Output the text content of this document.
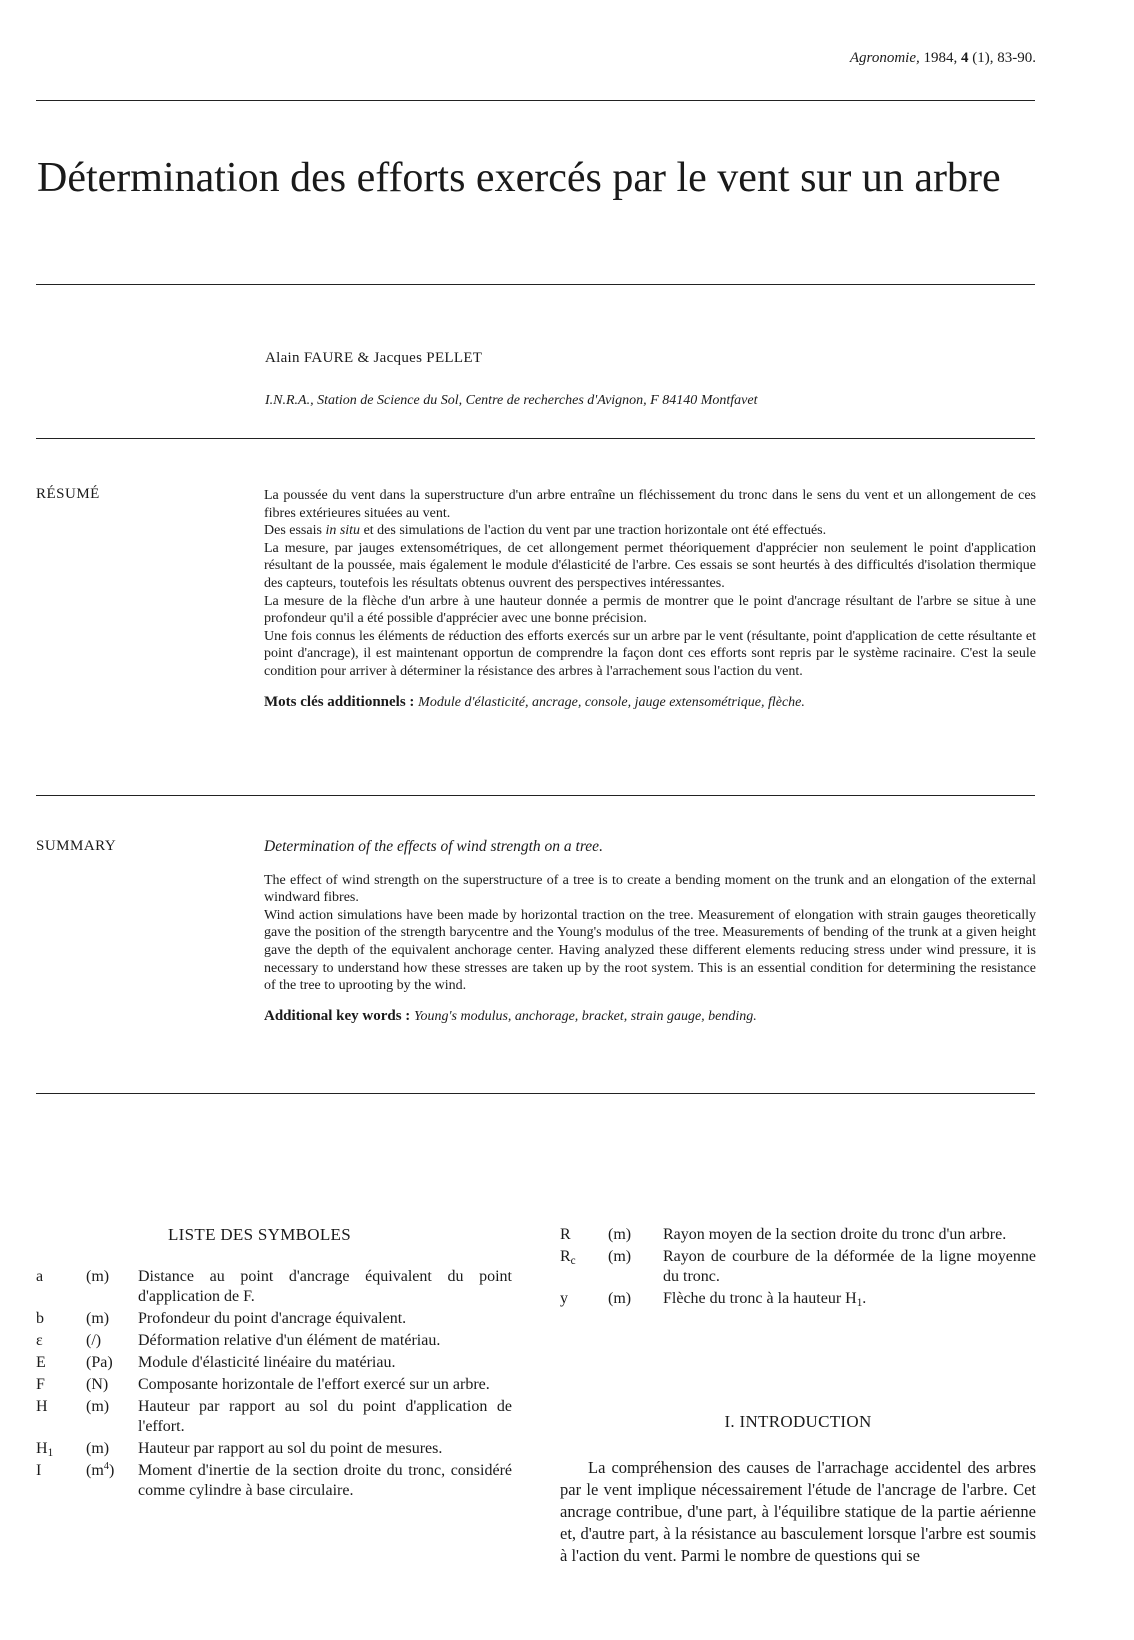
Agronomie, 1984, 4 (1), 83-90.
Détermination des efforts exercés par le vent sur un arbre
Alain FAURE & Jacques PELLET
I.N.R.A., Station de Science du Sol, Centre de recherches d'Avignon, F 84140 Montfavet
RÉSUMÉ	La poussée du vent dans la superstructure d'un arbre entraîne un fléchissement du tronc dans le sens du vent et un allongement de ces fibres extérieures situées au vent.

Des essais in situ et des simulations de l'action du vent par une traction horizontale ont été effectués.

La mesure, par jauges extensométriques, de cet allongement permet théoriquement d'apprécier non seulement le point d'application résultant de la poussée, mais également le module d'élasticité de l'arbre. Ces essais se sont heurtés à des difficultés d'isolation thermique des capteurs, toutefois les résultats obtenus ouvrent des perspectives intéressantes.

La mesure de la flèche d'un arbre à une hauteur donnée a permis de montrer que le point d'ancrage résultant de l'arbre se situe à une profondeur qu'il a été possible d'apprécier avec une bonne précision.

Une fois connus les éléments de réduction des efforts exercés sur un arbre par le vent (résultante, point d'application de cette résultante et point d'ancrage), il est maintenant opportun de comprendre la façon dont ces efforts sont repris par le système racinaire. C'est la seule condition pour arriver à déterminer la résistance des arbres à l'arrachement sous l'action du vent.

Mots clés additionnels : Module d'élasticité, ancrage, console, jauge extensométrique, flèche.

SUMMARY	Determination of the effects of wind strength on a tree.

The effect of wind strength on the superstructure of a tree is to create a bending moment on the trunk and an elongation of the external windward fibres.

Wind action simulations have been made by horizontal traction on the tree. Measurement of elongation with strain gauges theoretically gave the position of the strength barycentre and the Young's modulus of the tree. Measurements of bending of the trunk at a given height gave the depth of the equivalent anchorage center. Having analyzed these different elements reducing stress under wind pressure, it is necessary to understand how these stresses are taken up by the root system. This is an essential condition for determining the resistance of the tree to uprooting by the wind.

Additional key words : Young's modulus, anchorage, bracket, strain gauge, bending.

LISTE DES SYMBOLES
a	(m)	Distance au point d'ancrage équivalent du point d'application de F.
b	(m)	Profondeur du point d'ancrage équivalent.
ε	(/)	Déformation relative d'un élément de matériau.
E	(Pa)	Module d'élasticité linéaire du matériau.
F	(N)	Composante horizontale de l'effort exercé sur un arbre.
H	(m)	Hauteur par rapport au sol du point d'application de l'effort.
$H_1$	(m)	Hauteur par rapport au sol du point de mesures.
I	$(m^4)$	Moment d'inertie de la section droite du tronc, considéré comme cylindre à base circulaire.
R	(m)	Rayon moyen de la section droite du tronc d'un arbre.
$R_c$	(m)	Rayon de courbure de la déformée de la ligne moyenne du tronc.
y	(m)	Flèche du tronc à la hauteur $H_1$.
I. INTRODUCTION

La compréhension des causes de l'arrachage accidentel des arbres par le vent implique nécessairement l'étude de l'ancrage de l'arbre. Cet ancrage contribue, d'une part, à l'équilibre statique de la partie aérienne et, d'autre part, à la résistance au basculement lorsque l'arbre est soumis à l'action du vent. Parmi le nombre de questions qui se
